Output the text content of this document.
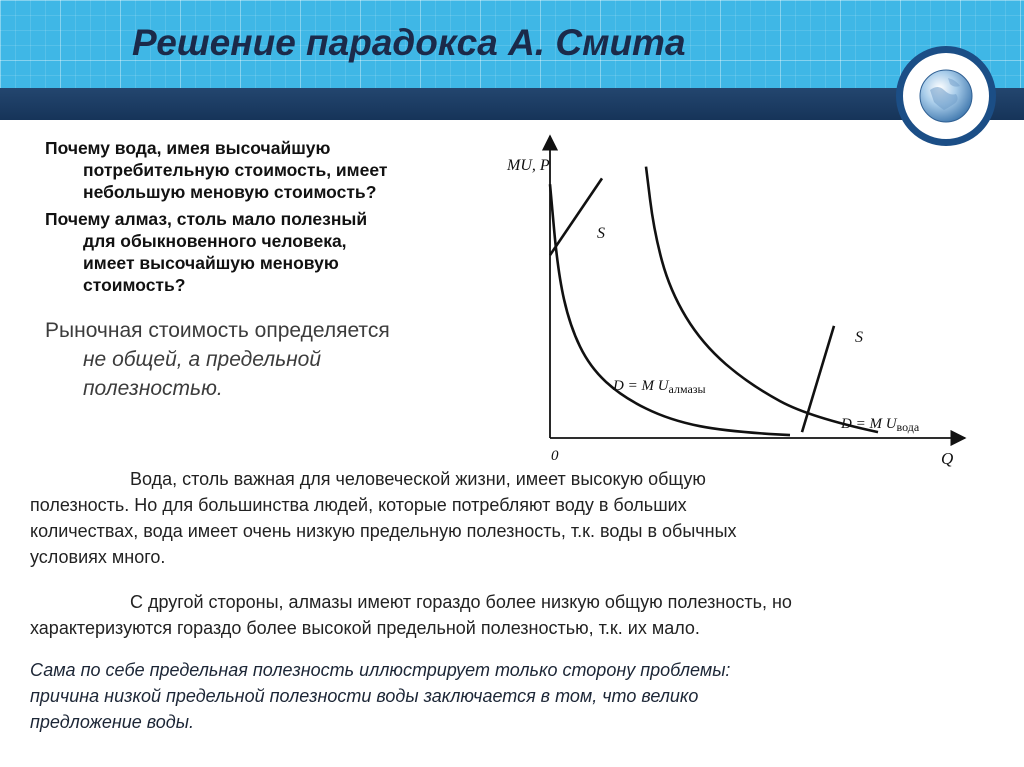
Решение парадокса А. Смита
Почему вода, имея высочайшую
потребительную стоимость, имеет
небольшую меновую стоимость?
Почему алмаз, столь мало полезный
для обыкновенного человека,
имеет высочайшую меновую
стоимость?
Рыночная стоимость определяется
не общей, а предельной
полезностью.
MU, P
Q
0
S
S
D = M $U_{алмазы}$
D = M $U_{вода}$
Вода, столь важная для человеческой жизни, имеет высокую общую
полезность. Но для большинства людей, которые потребляют воду в больших
количествах, вода имеет очень низкую предельную полезность, т.к. воды в обычных
условиях много.
С другой стороны, алмазы имеют гораздо более низкую общую полезность, но
характеризуются гораздо более высокой предельной полезностью, т.к. их мало.
Сама по себе предельная полезность иллюстрирует только сторону проблемы:
причина низкой предельной полезности воды заключается в том, что велико
предложение воды.
